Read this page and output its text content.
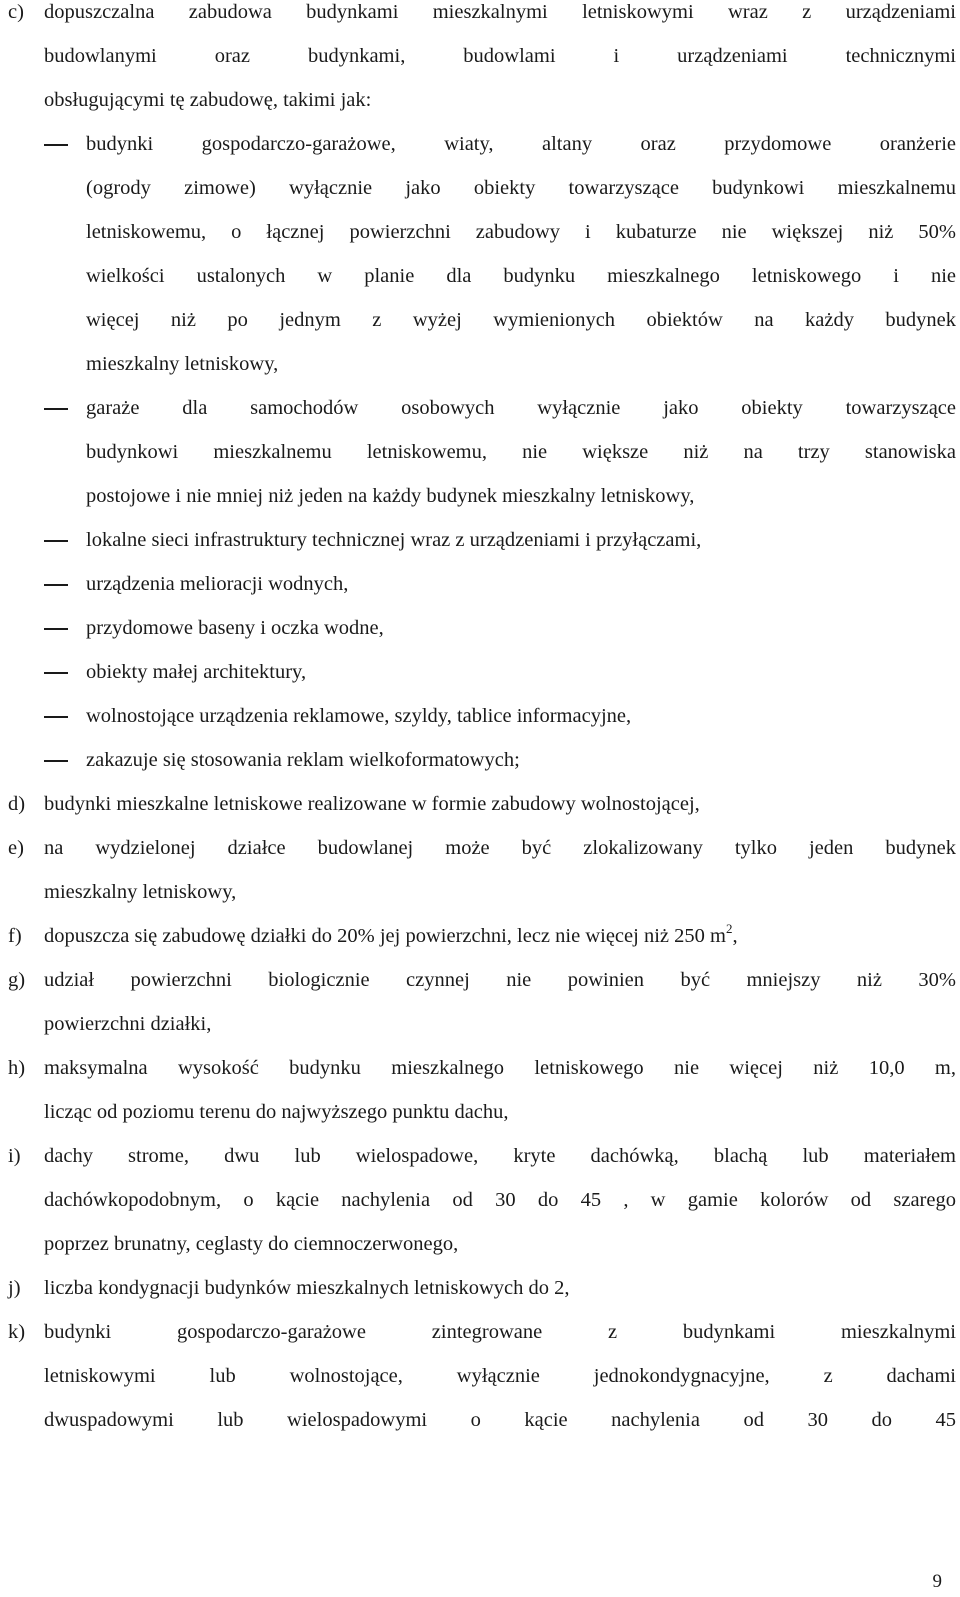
c) dopuszczalna zabudowa budynkami mieszkalnymi letniskowymi wraz z urządzeniami
budowlanymi oraz budynkami, budowlami i urządzeniami technicznymi
obsługującymi tę zabudowę, takimi jak:
budynki gospodarczo-garażowe, wiaty, altany oraz przydomowe oranżerie
(ogrody zimowe) wyłącznie jako obiekty towarzyszące budynkowi mieszkalnemu
letniskowemu, o łącznej powierzchni zabudowy i kubaturze nie większej niż 50%
wielkości ustalonych w planie dla budynku mieszkalnego letniskowego i nie
więcej niż po jednym z wyżej wymienionych obiektów na każdy budynek
mieszkalny letniskowy,
garaże dla samochodów osobowych wyłącznie jako obiekty towarzyszące
budynkowi mieszkalnemu letniskowemu, nie większe niż na trzy stanowiska
postojowe i nie mniej niż jeden na każdy budynek mieszkalny letniskowy,
lokalne sieci infrastruktury technicznej wraz z urządzeniami i przyłączami,
urządzenia melioracji wodnych,
przydomowe baseny i oczka wodne,
obiekty małej architektury,
wolnostojące urządzenia reklamowe, szyldy, tablice informacyjne,
zakazuje się stosowania reklam wielkoformatowych;
d) budynki mieszkalne letniskowe realizowane w formie zabudowy wolnostojącej,
e) na wydzielonej działce budowlanej może być zlokalizowany tylko jeden budynek
mieszkalny letniskowy,
f) dopuszcza się zabudowę działki do 20% jej powierzchni, lecz nie więcej niż 250 $m^2$,
g) udział powierzchni biologicznie czynnej nie powinien być mniejszy niż 30%
powierzchni działki,
h) maksymalna wysokość budynku mieszkalnego letniskowego nie więcej niż 10,0 m,
licząc od poziomu terenu do najwyższego punktu dachu,
i) dachy strome, dwu lub wielospadowe, kryte dachówką, blachą lub materiałem
dachówkopodobnym, o kącie nachylenia od 30 do 45 , w gamie kolorów od szarego
poprzez brunatny, ceglasty do ciemnoczerwonego,
j) liczba kondygnacji budynków mieszkalnych letniskowych do 2,
k) budynki gospodarczo-garażowe zintegrowane z budynkami mieszkalnymi
letniskowymi lub wolnostojące, wyłącznie jednokondygnacyjne, z dachami
dwuspadowymi lub wielospadowymi o kącie nachylenia od 30 do 45
9
